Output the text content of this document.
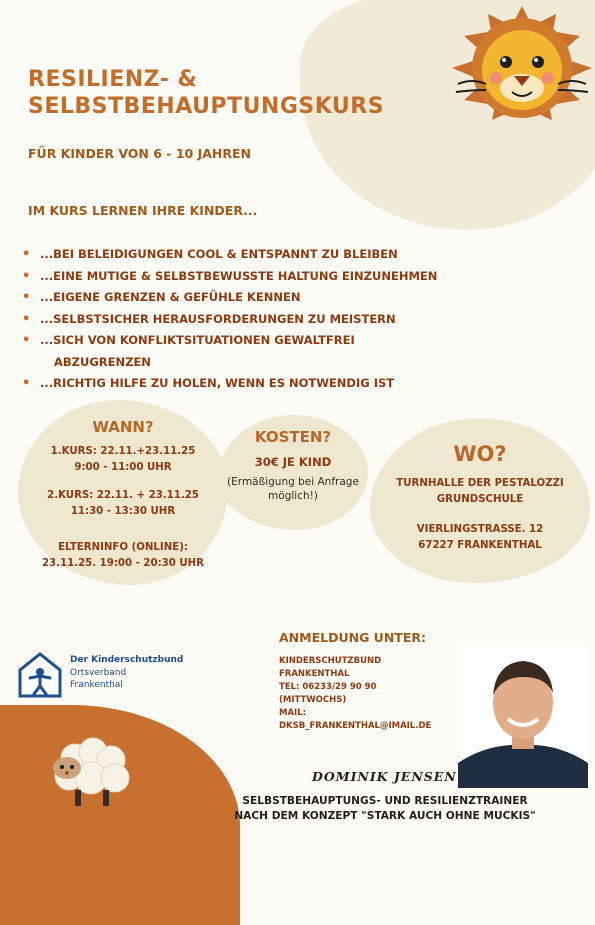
RESILIENZ- &
SELBSTBEHAUPTUNGSKURS
FÜR KINDER VON 6 - 10 JAHREN
IM KURS LERNEN IHRE KINDER...
• ...BEI BELEIDIGUNGEN COOL & ENTSPANNT ZU BLEIBEN
• ...EINE MUTIGE & SELBSTBEWUSSTE HALTUNG EINZUNEHMEN
• ...EIGENE GRENZEN & GEFÜHLE KENNEN
• ...SELBSTSICHER HERAUSFORDERUNGEN ZU MEISTERN
• ...SICH VON KONFLIKTSITUATIONEN GEWALTFREI
ABZUGRENZEN
• ...RICHTIG HILFE ZU HOLEN, WENN ES NOTWENDIG IST
WANN?
1.KURS: 22.11.+23.11.25
9:00 - 11:00 UHR
2.KURS: 22.11. + 23.11.25
11:30 - 13:30 UHR
ELTERNINFO (ONLINE):
23.11.25. 19:00 - 20:30 UHR
KOSTEN?
30€ JE KIND
(Ermäßigung bei Anfrage möglich!)
WO?
TURNHALLE DER PESTALOZZI
GRUNDSCHULE
VIERLINGSTRASSE. 12
67227 FRANKENTHAL
ANMELDUNG UNTER:
KINDERSCHUTZBUND
FRANKENTHAL
TEL: 06233/29 90 90
(MITTWOCHS)
MAIL:
DKSB_FRANKENTHAL@IMAIL.DE
Der Kinderschutzbund
Ortsverband
Frankenthal
DOMINIK JENSEN
SELBSTBEHAUPTUNGS- UND RESILIENZTRAINER
NACH DEM KONZEPT "STARK AUCH OHNE MUCKIS"
